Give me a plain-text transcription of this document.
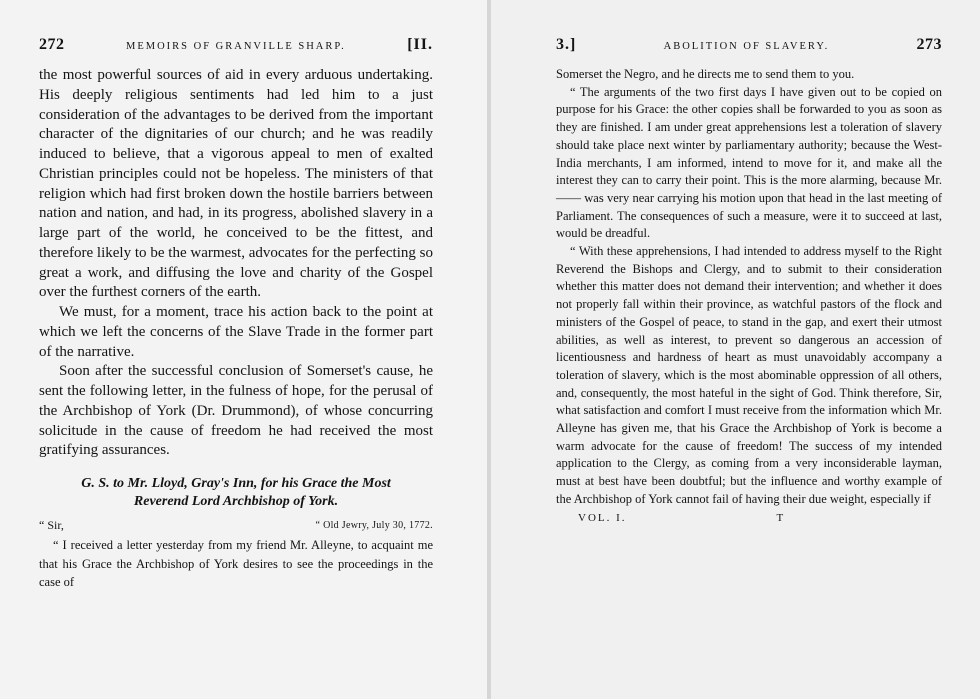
272	MEMOIRS OF GRANVILLE SHARP.	[II.

the most powerful sources of aid in every arduous undertaking. His deeply religious sentiments had led him to a just consideration of the advantages to be derived from the important character of the dignitaries of our church; and he was readily induced to believe, that a vigorous appeal to men of exalted Christian principles could not be hopeless. The ministers of that religion which had first broken down the hostile barriers between nation and nation, and had, in its progress, abolished slavery in a large part of the world, he conceived to be the fittest, and therefore likely to be the warmest, advocates for the perfecting so great a work, and diffusing the love and charity of the Gospel over the furthest corners of the earth.

We must, for a moment, trace his action back to the point at which we left the concerns of the Slave Trade in the former part of the narrative.

Soon after the successful conclusion of Somerset's cause, he sent the following letter, in the fulness of hope, for the perusal of the Archbishop of York (Dr. Drummond), of whose concurring solicitude in the cause of freedom he had received the most gratifying assurances.

G. S. to Mr. Lloyd, Gray's Inn, for his Grace the Most
Reverend Lord Archbishop of York.
“ Sir,	“ Old Jewry, July 30, 1772.

“ I received a letter yesterday from my friend Mr. Alleyne, to acquaint me that his Grace the Archbishop of York desires to see the proceedings in the case of

3.]	ABOLITION OF SLAVERY.	273

Somerset the Negro, and he directs me to send them to you.

“ The arguments of the two first days I have given out to be copied on purpose for his Grace: the other copies shall be forwarded to you as soon as they are finished. I am under great apprehensions lest a toleration of slavery should take place next winter by parliamentary authority; because the West-India merchants, I am informed, intend to move for it, and make all the interest they can to carry their point. This is the more alarming, because Mr. —— was very near carrying his motion upon that head in the last meeting of Parliament. The consequences of such a measure, were it to succeed at last, would be dreadful.

“ With these apprehensions, I had intended to address myself to the Right Reverend the Bishops and Clergy, and to submit to their consideration whether this matter does not demand their intervention; and whether it does not properly fall within their province, as watchful pastors of the flock and ministers of the Gospel of peace, to stand in the gap, and exert their utmost abilities, as well as interest, to prevent so dangerous an accession of licentiousness and hardness of heart as must unavoidably accompany a toleration of slavery, which is the most abominable oppression of all others, and, consequently, the most hateful in the sight of God. Think therefore, Sir, what satisfaction and comfort I must receive from the information which Mr. Alleyne has given me, that his Grace the Archbishop of York is become a warm advocate for the cause of freedom! The success of my intended application to the Clergy, as coming from a very inconsiderable layman, must at best have been doubtful; but the influence and worthy example of the Archbishop of York cannot fail of having their due weight, especially if

VOL. I.	T
